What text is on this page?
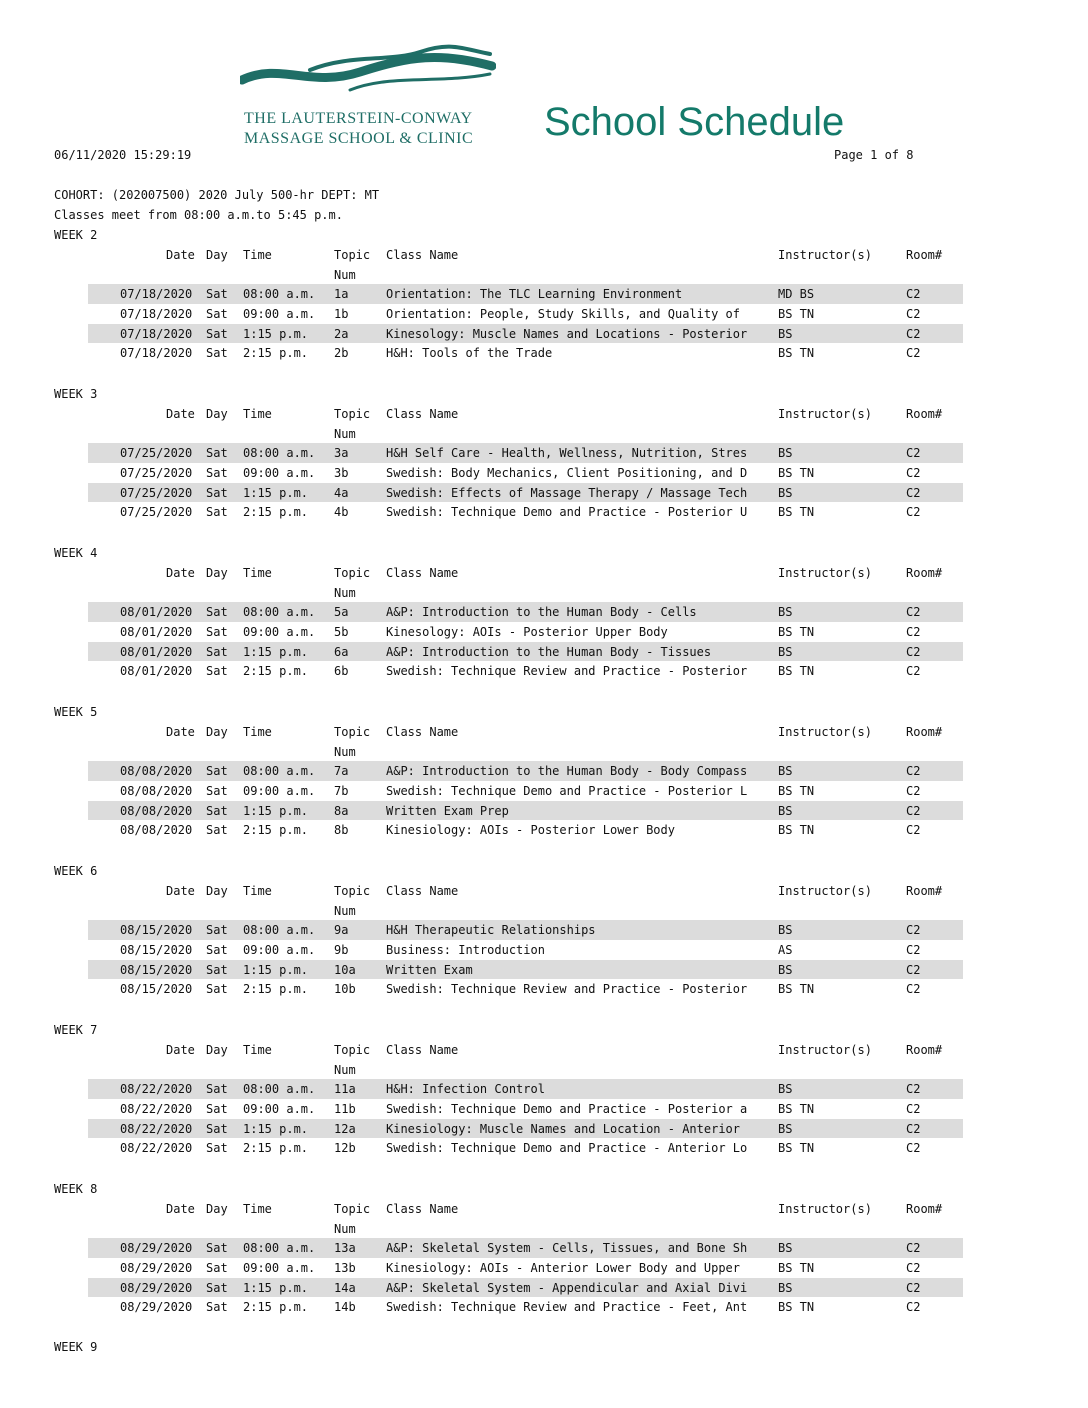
THE LAUTERSTEIN-CONWAY
MASSAGE SCHOOL & CLINIC School Schedule
06/11/2020 15:29:19	Page 1 of 8
COHORT: (202007500) 2020 July 500-hr DEPT: MT
Classes meet from 08:00 a.m.to 5:45 p.m.
WEEK 2
Date Day Time	Topic Class Name	Instructor(s)	Room#
Num
07/18/2020 Sat 08:00 a.m. 1a	Orientation: The TLC Learning Environment	MD BS	C2
07/18/2020 Sat 09:00 a.m. 1b	Orientation: People, Study Skills, and Quality of	BS TN	C2
07/18/2020 Sat 1:15 p.m. 2a	Kinesology: Muscle Names and Locations - Posterior	BS	C2
07/18/2020 Sat 2:15 p.m. 2b	H&H: Tools of the Trade	BS TN	C2
WEEK 3
Date Day Time	Topic Class Name	Instructor(s)	Room#
Num
07/25/2020 Sat 08:00 a.m. 3a	H&H Self Care - Health, Wellness, Nutrition, Stres	BS	C2
07/25/2020 Sat 09:00 a.m. 3b	Swedish: Body Mechanics, Client Positioning, and D	BS TN	C2
07/25/2020 Sat 1:15 p.m. 4a	Swedish: Effects of Massage Therapy / Massage Tech	BS	C2
07/25/2020 Sat 2:15 p.m. 4b	Swedish: Technique Demo and Practice - Posterior U	BS TN	C2
WEEK 4
Date Day Time	Topic Class Name	Instructor(s)	Room#
Num
08/01/2020 Sat 08:00 a.m. 5a	A&P: Introduction to the Human Body - Cells	BS	C2
08/01/2020 Sat 09:00 a.m. 5b	Kinesology: AOIs - Posterior Upper Body	BS TN	C2
08/01/2020 Sat 1:15 p.m. 6a	A&P: Introduction to the Human Body - Tissues	BS	C2
08/01/2020 Sat 2:15 p.m. 6b	Swedish: Technique Review and Practice - Posterior	BS TN	C2
WEEK 5
Date Day Time	Topic Class Name	Instructor(s)	Room#
Num
08/08/2020 Sat 08:00 a.m. 7a	A&P: Introduction to the Human Body - Body Compass	BS	C2
08/08/2020 Sat 09:00 a.m. 7b	Swedish: Technique Demo and Practice - Posterior L	BS TN	C2
08/08/2020 Sat 1:15 p.m. 8a	Written Exam Prep	BS	C2
08/08/2020 Sat 2:15 p.m. 8b	Kinesiology: AOIs - Posterior Lower Body	BS TN	C2
WEEK 6
Date Day Time	Topic Class Name	Instructor(s)	Room#
Num
08/15/2020 Sat 08:00 a.m. 9a	H&H Therapeutic Relationships	BS	C2
08/15/2020 Sat 09:00 a.m. 9b	Business: Introduction	AS	C2
08/15/2020 Sat 1:15 p.m. 10a	Written Exam	BS	C2
08/15/2020 Sat 2:15 p.m. 10b	Swedish: Technique Review and Practice - Posterior	BS TN	C2
WEEK 7
Date Day Time	Topic Class Name	Instructor(s)	Room#
Num
08/22/2020 Sat 08:00 a.m. 11a	H&H: Infection Control	BS	C2
08/22/2020 Sat 09:00 a.m. 11b	Swedish: Technique Demo and Practice - Posterior a	BS TN	C2
08/22/2020 Sat 1:15 p.m. 12a	Kinesiology: Muscle Names and Location - Anterior	BS	C2
08/22/2020 Sat 2:15 p.m. 12b	Swedish: Technique Demo and Practice - Anterior Lo	BS TN	C2
WEEK 8
Date Day Time	Topic Class Name	Instructor(s)	Room#
Num
08/29/2020 Sat 08:00 a.m. 13a	A&P: Skeletal System - Cells, Tissues, and Bone Sh	BS	C2
08/29/2020 Sat 09:00 a.m. 13b	Kinesiology: AOIs - Anterior Lower Body and Upper	BS TN	C2
08/29/2020 Sat 1:15 p.m. 14a	A&P: Skeletal System - Appendicular and Axial Divi	BS	C2
08/29/2020 Sat 2:15 p.m. 14b	Swedish: Technique Review and Practice - Feet, Ant	BS TN	C2
WEEK 9
